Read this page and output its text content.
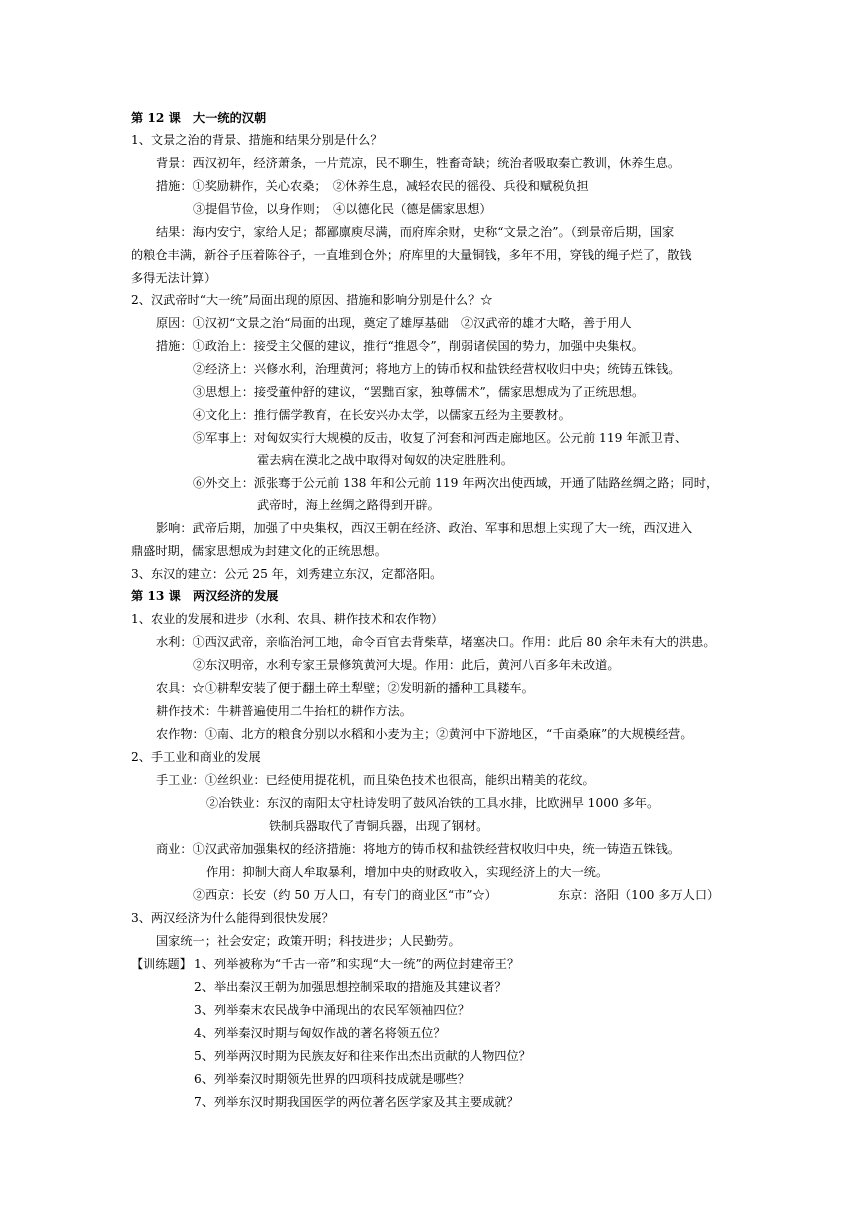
第 12 课　大一统的汉朝
1、文景之治的背景、措施和结果分别是什么？
背景：西汉初年，经济萧条，一片荒凉，民不聊生，牲畜奇缺；统治者吸取秦亡教训，休养生息。
措施：①奖励耕作，关心农桑；　②休养生息，减轻农民的徭役、兵役和赋税负担
③提倡节俭，以身作则；　④以德化民（德是儒家思想）
结果：海内安宁，家给人足；都鄙廪庾尽满，而府库余财，史称“文景之治”。（到景帝后期，国家
的粮仓丰满，新谷子压着陈谷子，一直堆到仓外；府库里的大量铜钱，多年不用，穿钱的绳子烂了，散钱
多得无法计算）
2、汉武帝时“大一统”局面出现的原因、措施和影响分别是什么？☆
原因：①汉初“文景之治“局面的出现，奠定了雄厚基础　②汉武帝的雄才大略，善于用人
措施：①政治上：接受主父偃的建议，推行“推恩令”，削弱诸侯国的势力，加强中央集权。
②经济上：兴修水利，治理黄河；将地方上的铸币权和盐铁经营权收归中央；统铸五铢钱。
③思想上：接受董仲舒的建议，“罢黜百家，独尊儒术”，儒家思想成为了正统思想。
④文化上：推行儒学教育，在长安兴办太学，以儒家五经为主要教材。
⑤军事上：对匈奴实行大规模的反击，收复了河套和河西走廊地区。公元前 119 年派卫青、
霍去病在漠北之战中取得对匈奴的决定胜胜利。
⑥外交上：派张骞于公元前 138 年和公元前 119 年两次出使西域，开通了陆路丝绸之路；同时，
武帝时，海上丝绸之路得到开辟。
影响：武帝后期，加强了中央集权，西汉王朝在经济、政治、军事和思想上实现了大一统，西汉进入
鼎盛时期，儒家思想成为封建文化的正统思想。
3、东汉的建立：公元 25 年，刘秀建立东汉，定都洛阳。
第 13 课　两汉经济的发展
1、农业的发展和进步（水利、农具、耕作技术和农作物）
水利：①西汉武帝，亲临治河工地，命令百官去背柴草，堵塞决口。作用：此后 80 余年未有大的洪患。
②东汉明帝，水利专家王景修筑黄河大堤。作用：此后，黄河八百多年未改道。
农具：☆①耕犁安装了便于翻土碎土犁壁；②发明新的播种工具耧车。
耕作技术：牛耕普遍使用二牛抬杠的耕作方法。
农作物：①南、北方的粮食分别以水稻和小麦为主；②黄河中下游地区，“千亩桑麻”的大规模经营。
2、手工业和商业的发展
手工业：①丝织业：已经使用提花机，而且染色技术也很高，能织出精美的花纹。
②冶铁业：东汉的南阳太守杜诗发明了鼓风冶铁的工具水排，比欧洲早 1000 多年。
铁制兵器取代了青铜兵器，出现了钢材。
商业：①汉武帝加强集权的经济措施：将地方的铸币权和盐铁经营权收归中央，统一铸造五铢钱。
作用：抑制大商人牟取暴利，增加中央的财政收入，实现经济上的大一统。
②西京：长安（约 50 万人口，有专门的商业区“市”☆）	东京：洛阳（100 多万人口）
3、两汉经济为什么能得到很快发展？
国家统一；社会安定；政策开明；科技进步；人民勤劳。
【训练题】 1、列举被称为“千古一帝”和实现“大一统”的两位封建帝王？
2、举出秦汉王朝为加强思想控制采取的措施及其建议者？
3、列举秦末农民战争中涌现出的农民军领袖四位？
4、列举秦汉时期与匈奴作战的著名将领五位？
5、列举两汉时期为民族友好和往来作出杰出贡献的人物四位？
6、列举秦汉时期领先世界的四项科技成就是哪些？
7、列举东汉时期我国医学的两位著名医学家及其主要成就？
